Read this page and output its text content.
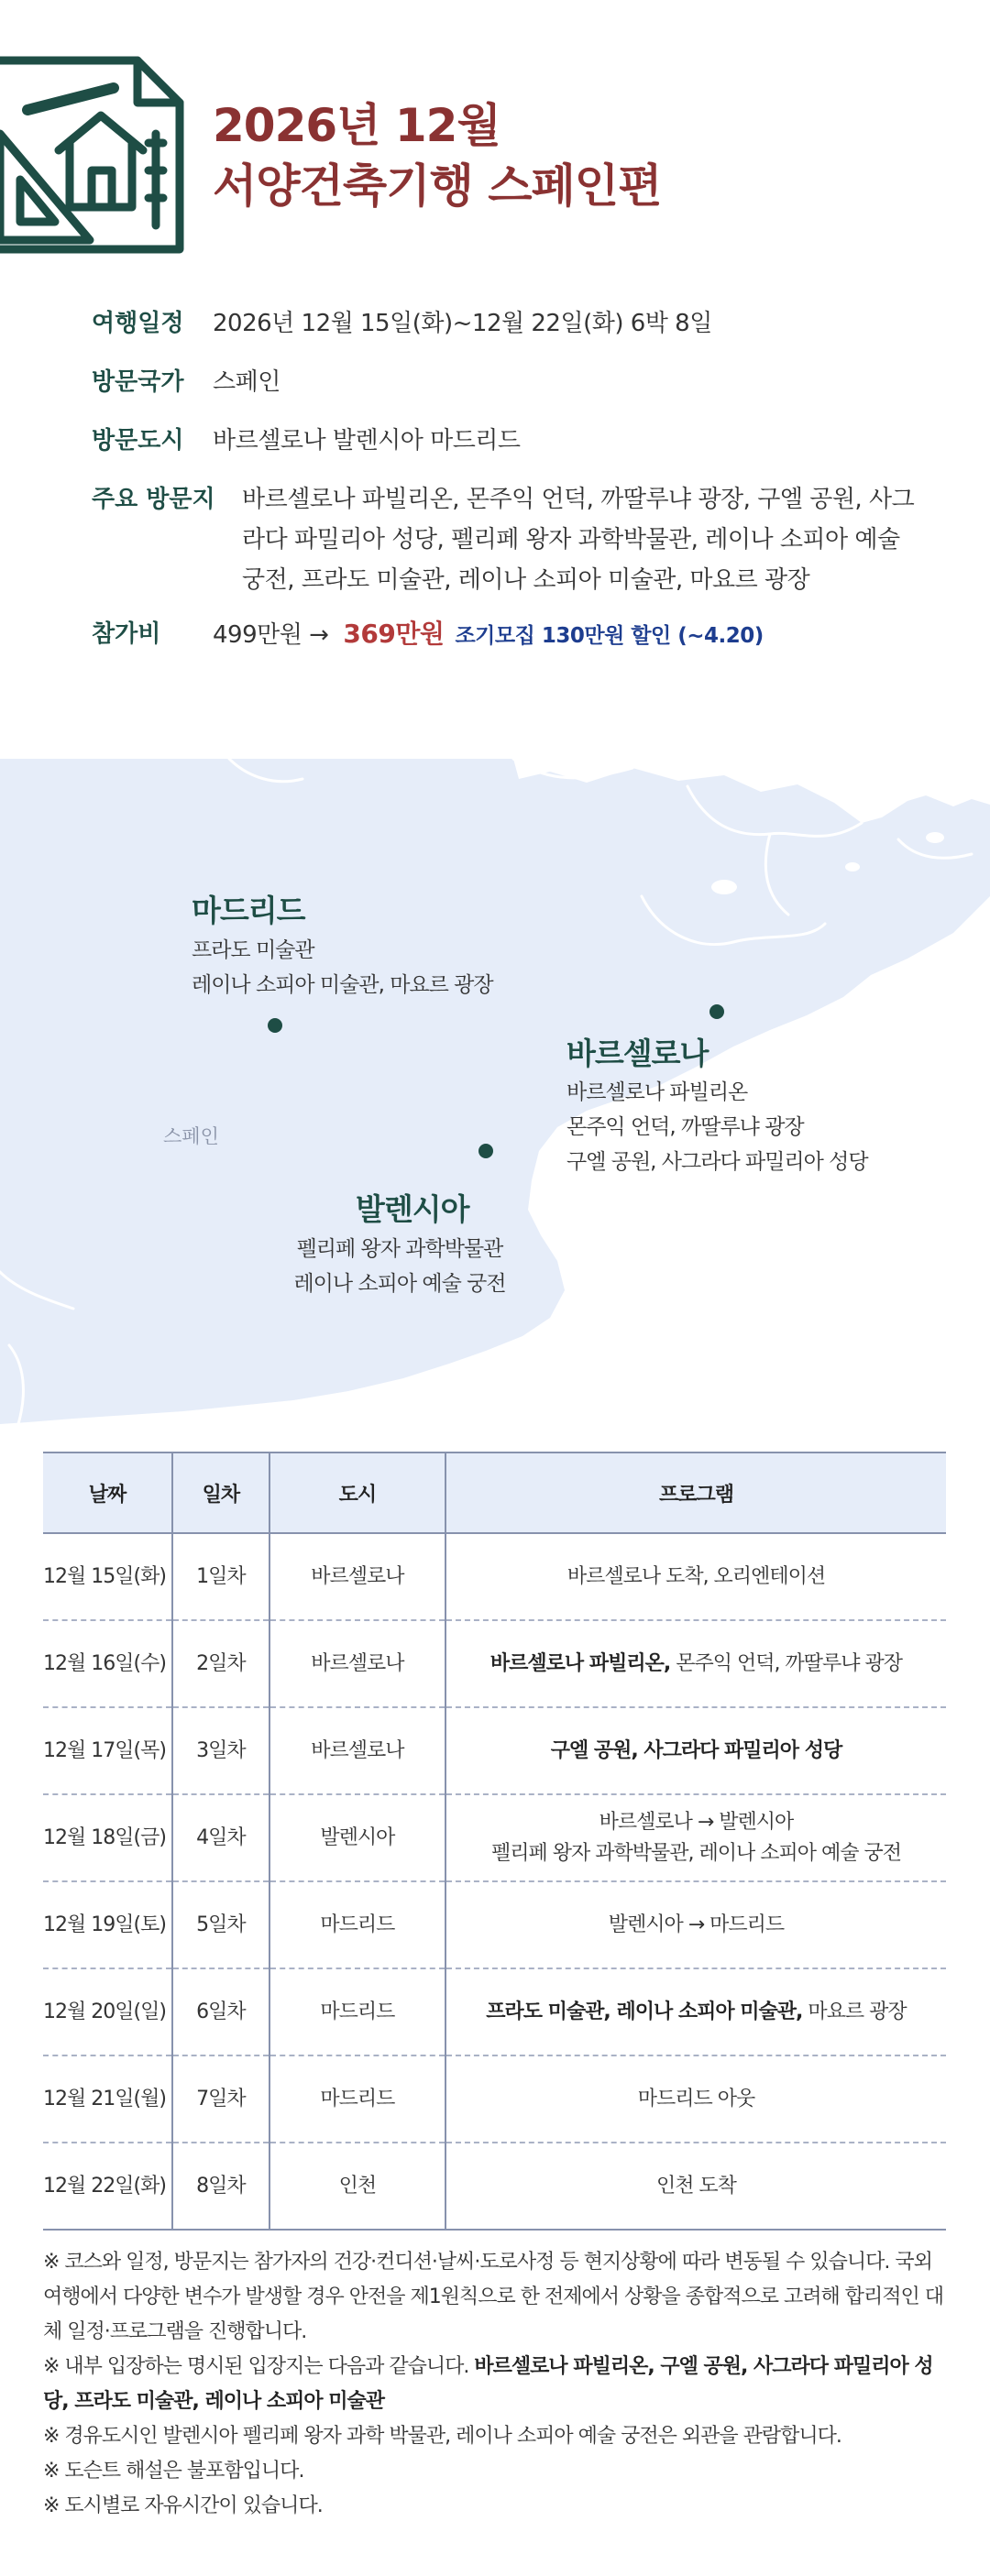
2026년 12월
서양건축기행 스페인편
여행일정	2026년 12월 15일(화)~12월 22일(화) 6박 8일
방문국가	스페인
방문도시	바르셀로나 발렌시아 마드리드
주요 방문지	바르셀로나 파빌리온, 몬주익 언덕, 까딸루냐 광장, 구엘 공원, 사그라다 파밀리아 성당, 펠리페 왕자 과학박물관, 레이나 소피아 예술 궁전, 프라도 미술관, 레이나 소피아 미술관, 마요르 광장
참가비	499만원 → 369만원 조기모집 130만원 할인 (~4.20)
스페인
마드리드
프라도 미술관
레이나 소피아 미술관, 마요르 광장
바르셀로나
바르셀로나 파빌리온
몬주익 언덕, 까딸루냐 광장
구엘 공원, 사그라다 파밀리아 성당
발렌시아
펠리페 왕자 과학박물관
레이나 소피아 예술 궁전
날짜	일차	도시	프로그램
12월 15일(화)	1일차	바르셀로나	바르셀로나 도착, 오리엔테이션
12월 16일(수)	2일차	바르셀로나	바르셀로나 파빌리온, 몬주익 언덕, 까딸루냐 광장
12월 17일(목)	3일차	바르셀로나	구엘 공원, 사그라다 파밀리아 성당
12월 18일(금)	4일차	발렌시아	바르셀로나 → 발렌시아
펠리페 왕자 과학박물관, 레이나 소피아 예술 궁전

12월 19일(토)	5일차	마드리드	발렌시아 → 마드리드
12월 20일(일)	6일차	마드리드	프라도 미술관, 레이나 소피아 미술관, 마요르 광장
12월 21일(월)	7일차	마드리드	마드리드 아웃
12월 22일(화)	8일차	인천	인천 도착

※ 코스와 일정, 방문지는 참가자의 건강·컨디션·날씨·도로사정 등 현지상황에 따라 변동될 수 있습니다. 국외여행에서 다양한 변수가 발생할 경우 안전을 제1원칙으로 한 전제에서 상황을 종합적으로 고려해 합리적인 대체 일정·프로그램을 진행합니다.

※ 내부 입장하는 명시된 입장지는 다음과 같습니다. 바르셀로나 파빌리온, 구엘 공원, 사그라다 파밀리아 성당, 프라도 미술관, 레이나 소피아 미술관

※ 경유도시인 발렌시아 펠리페 왕자 과학 박물관, 레이나 소피아 예술 궁전은 외관을 관람합니다.

※ 도슨트 해설은 불포함입니다.

※ 도시별로 자유시간이 있습니다.
